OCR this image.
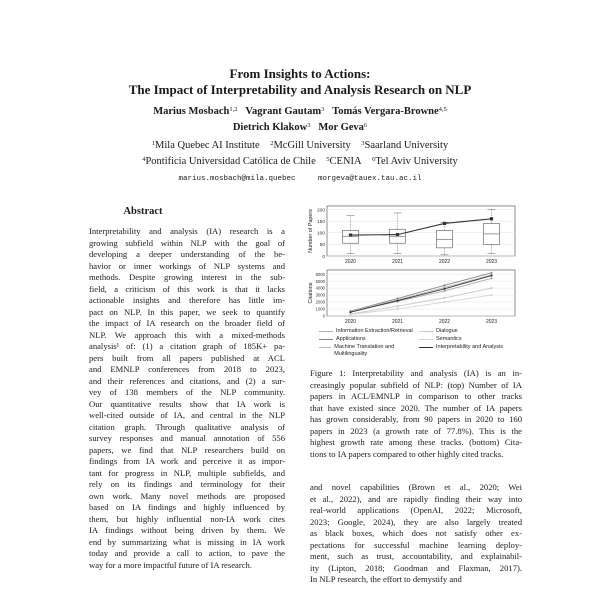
From Insights to Actions:
The Impact of Interpretability and Analysis Research on NLP
Marius Mosbach$^{1,2}$ Vagrant Gautam$^3$ Tomás Vergara-Browne$^{4,5}$
Dietrich Klakow$^3$ Mor Geva$^6$
$^1$Mila Quebec AI Institute $^2$McGill University $^3$Saarland University
$^4$Pontificia Universidad Católica de Chile $^5$CENIA $^6$Tel Aviv University
marius.mosbach@mila.quebec	morgeva@tauex.tau.ac.il
Abstract
Interpretability and analysis (IA) research is a
growing subfield within NLP with the goal of
developing a deeper understanding of the be-
havior or inner workings of NLP systems and
methods. Despite growing interest in the sub-
field, a criticism of this work is that it lacks
actionable insights and therefore has little im-
pact on NLP. In this paper, we seek to quantify
the impact of IA research on the broader field of
NLP. We approach this with a mixed-methods
analysis¹ of: (1) a citation graph of 185K+ pa-
pers built from all papers published at ACL
and EMNLP conferences from 2018 to 2023,
and their references and citations, and (2) a sur-
vey of 138 members of the NLP community.
Our quantitative results show that IA work is
well-cited outside of IA, and central in the NLP
citation graph. Through qualitative analysis of
survey responses and manual annotation of 556
papers, we find that NLP researchers build on
findings from IA work and perceive it as impor-
tant for progress in NLP, multiple subfields, and
rely on its findings and terminology for their
own work. Many novel methods are proposed
based on IA findings and highly influenced by
them, but highly influential non-IA work cites
IA findings without being driven by them. We
end by summarizing what is missing in IA work
today and provide a call to action, to pave the
way for a more impactful future of IA research.
0
50
100
150
200
Number of Papers
2020	2021	2022	2023
0
1000
2000
3000
4000
5000
6000
Citations
2020	2021	2022	2023
Information Extraction/Retrieval	Dialogue
Applications	Semantics
Machine Translation and Multilinguality
Interpretability and Analysis
Figure 1: Interpretability and analysis (IA) is an in-
creasingly popular subfield of NLP: (top) Number of IA
papers in ACL/EMNLP in comparison to other tracks
that have existed since 2020. The number of IA papers
has grown considerably, from 90 papers in 2020 to 160
papers in 2023 (a growth rate of 77.8%). This is the
highest growth rate among these tracks. (bottom) Cita-
tions to IA papers compared to other highly cited tracks.
and novel capabilities (Brown et al., 2020; Wei
et al., 2022), and are rapidly finding their way into
real-world applications (OpenAI, 2022; Microsoft,
2023; Google, 2024), they are also largely treated
as black boxes, which does not satisfy other ex-
pectations for successful machine learning deploy-
ment, such as trust, accountability, and explainabil-
ity (Lipton, 2018; Goodman and Flaxman, 2017).
In NLP research, the effort to demystify and
